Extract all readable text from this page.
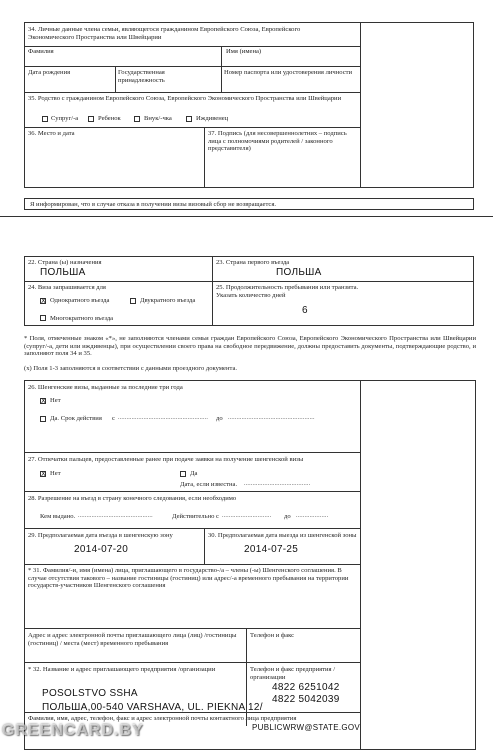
34. Личные данные члена семьи, являющегося гражданином Европейского Союза, Европейского Экономического Пространства или Швейцарии
Фамилия	Имя (имена)
Дата рождения	Государственная принадлежность
Номер паспорта или удостоверения личности
35. Родство с гражданином Европейского Союза, Европейского Экономического Пространства или Швейцарии
Супруг/-а	Ребенок	Внук/-чка	Иждивенец
36. Место и дата	37. Подпись (для несовершеннолетних – подпись лица с полномочиями родителей / законного представителя)
Я информирован, что в случае отказа в получении визы визовый сбор не возвращается.
22. Страна (ы) назначения
ПОЛЬША
23. Страна первого въезда
ПОЛЬША
24. Виза запрашивается для
X Однократного въезда	Двукратного въезда
Многократного въезда
25. Продолжительность пребывания или транзита. Указать количество дней
6
* Поля, отмеченные знаком «*», не заполняются членами семьи граждан Европейского Союза, Европейского Экономического Пространства или Швейцарии (супруг/-а, дети или иждивенцы), при осуществлении своего права на свободное передвижение, должны предоставить документы, подтверждающие родство, и заполняют поля 34 и 35.
(x) Поля 1-3 заполняются в соответствии с данными проездного документа.
26. Шенгенские визы, выданные за последние три года
X Нет
Да. Срок действия с ..................................................... до ...................................................
27. Отпечатки пальцев, предоставленные ранее при подаче заявки на получение шенгенской визы
X Нет	Да
Дата, если известна. .......................................
28. Разрешение на въезд в страну конечного следования, если необходимо
Кем выдано. ............................................	Действительно с ............................. до ...................
29. Предполагаемая дата въезда в шенгенскую зону
2014-07-20
30. Предполагаемая дата выезда из шенгенской зоны
2014-07-25
* 31. Фамилия/-и, имя (имена) лица, приглашающего в государство-/а – члены (-ы) Шенгенского соглашения. В случае отсутствия такового – название гостиницы (гостиниц) или адрес/-а временного пребывания на территории государств-участников Шенгенского соглашения
Адрес и адрес электронной почты приглашающего лица (лиц) /гостиницы (гостиниц) / места (мест) временного пребывания
Телефон и факс
* 32. Название и адрес приглашающего предприятия /организации	Телефон и факс предприятия /организации
POSOLSTVO SSHA
ПОЛЬША,00-540 VARSHAVA, UL. PIEKNA 12/
4822 6251042
4822 5042039
Фамилия, имя, адрес, телефон, факс и адрес электронной почты контактного лица предприятия
PUBLICWRW@STATE.GOV
GREENCARD.BY
